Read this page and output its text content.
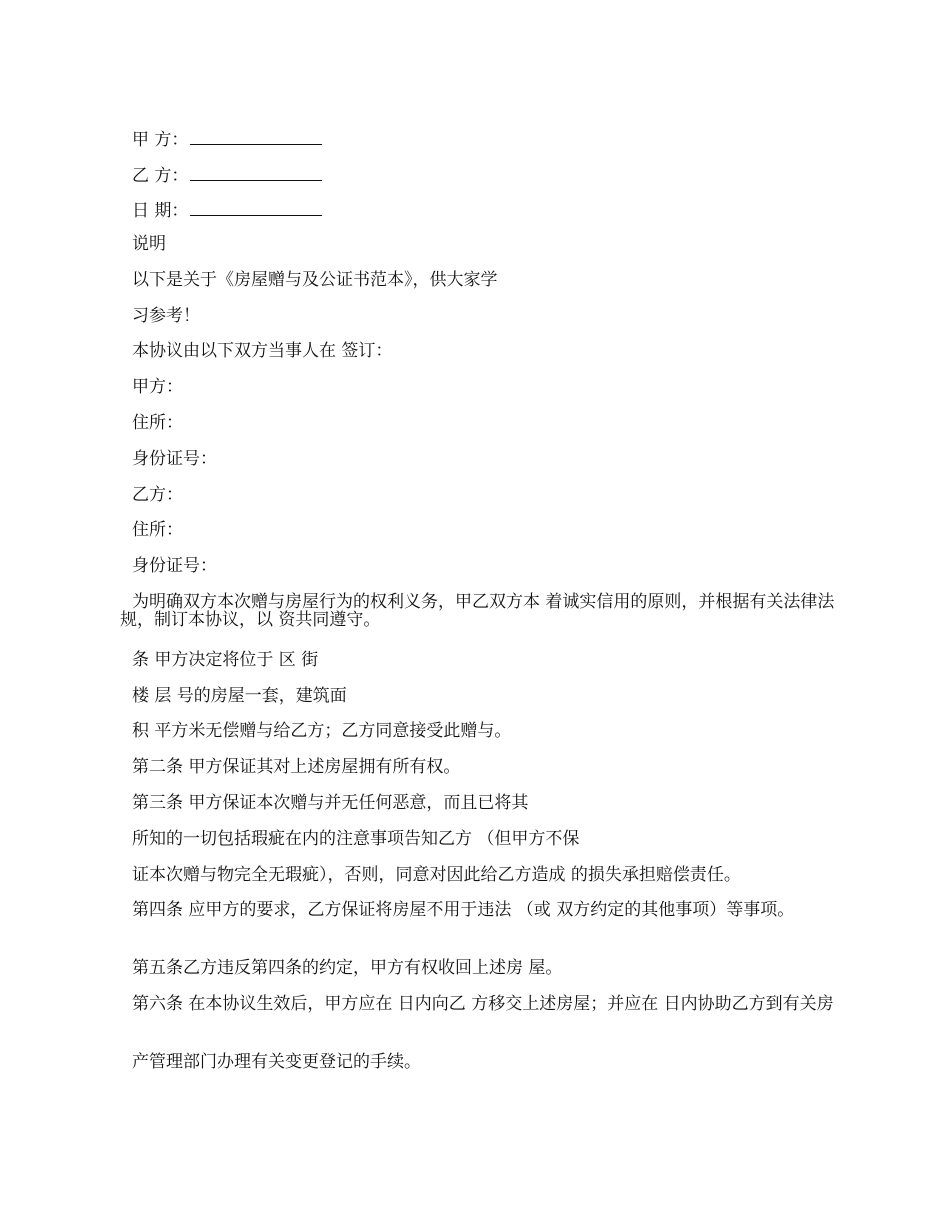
甲 方：

乙 方：

日 期：

说明

以下是关于《房屋赠与及公证书范本》，供大家学

习参考！

本协议由以下双方当事人在 签订：

甲方：

住所：

身份证号：

乙方：

住所：

身份证号：

为明确双方本次赠与房屋行为的权利义务，甲乙双方本 着诚实信用的原则，并根据有关法律法规，制订本协议，以 资共同遵守。

条 甲方决定将位于 区 街

楼 层 号的房屋一套，建筑面

积 平方米无偿赠与给乙方；乙方同意接受此赠与。

第二条 甲方保证其对上述房屋拥有所有权。

第三条 甲方保证本次赠与并无任何恶意，而且已将其

所知的一切包括瑕疵在内的注意事项告知乙方 （但甲方不保

证本次赠与物完全无瑕疵），否则，同意对因此给乙方造成 的损失承担赔偿责任。

第四条 应甲方的要求，乙方保证将房屋不用于违法 （或 双方约定的其他事项）等事项。

第五条乙方违反第四条的约定，甲方有权收回上述房 屋。

第六条 在本协议生效后，甲方应在 日内向乙 方移交上述房屋；并应在 日内协助乙方到有关房

产管理部门办理有关变更登记的手续。
